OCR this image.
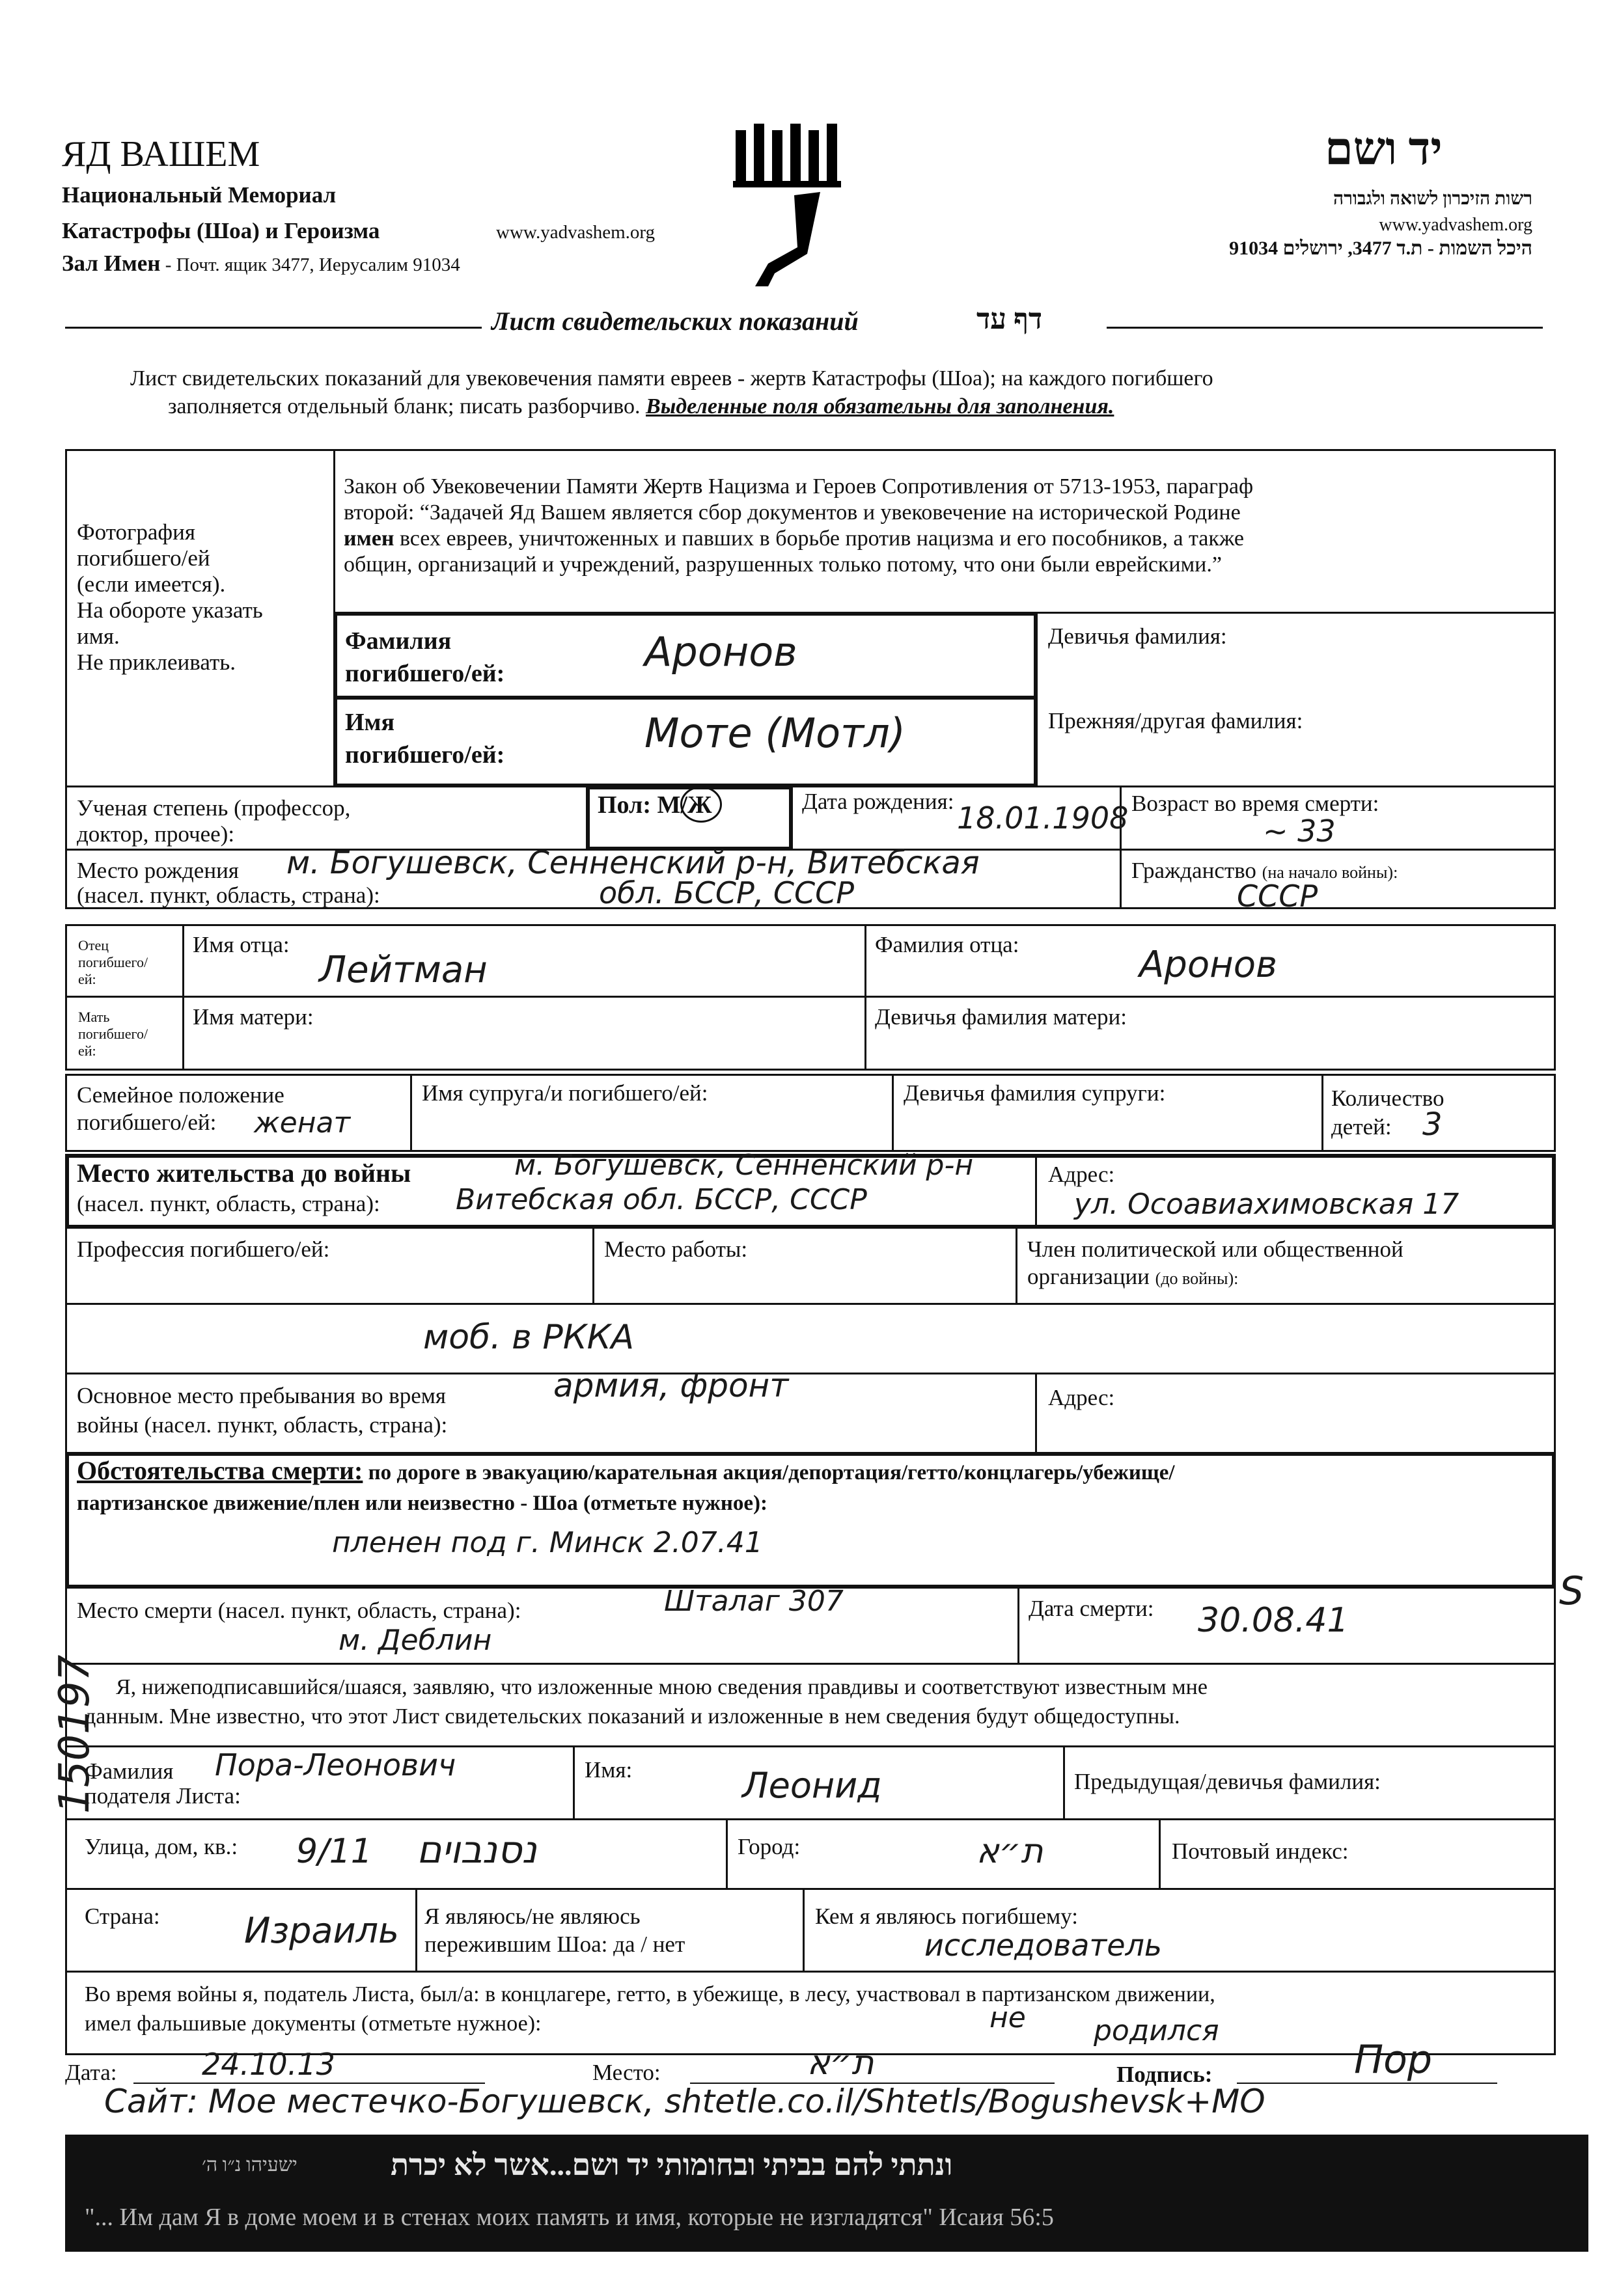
ЯД ВАШЕМ
Национальный Мемориал
Катастрофы (Шоа) и Героизма	www.yadvashem.org
Зал Имен - Почт. ящик 3477, Иерусалим 91034
יד ושם
רשות הזיכרון לשואה ולגבורה
www.yadvashem.org
היכל השמות - ת.ד 3477, ירושלים 91034
Лист свидетельских показаний	דף עד
Лист свидетельских показаний для увековечения памяти евреев - жертв Катастрофы (Шоа); на каждого погибшего
заполняется отдельный бланк; писать разборчиво. Выделенные поля обязательны для заполнения.
Фотография
погибшего/ей
(если имеется).
На обороте указать
имя.
Не приклеивать.
Закон об Увековечении Памяти Жертв Нацизма и Героев Сопротивления от 5713-1953, параграф
второй: “Задачей Яд Вашем является сбор документов и увековечение на исторической Родине
имен всех евреев, уничтоженных и павших в борьбе против нацизма и его пособников, а также
общин, организаций и учреждений, разрушенных только потому, что они были еврейскими.”
Фамилия
погибшего/ей:	Аронов	Девичья фамилия:
Имя
погибшего/ей:	Моте (Мотл)	Прежняя/другая фамилия:
Ученая степень (профессор,
доктор, прочее):
Пол: М/Ж	Дата рождения: 18.01.1908 Возраст во время смерти:
~ 33
Место рождения
(насел. пункт, область, страна):
м. Богушевск, Сенненский р-н, Витебская
обл. БССР, СССР
Гражданство (на начало войны):
СССР
Отец
погибшего/
ей:
Имя отца:
Лейтман
Фамилия отца:	Аронов
Мать
погибшего/
ей:
Имя матери:	Девичья фамилия матери:
Семейное положение
погибшего/ей: женат
Имя супруга/и погибшего/ей:	Девичья фамилия супруги:	Количество
детей: 3
Место жительства до войны
(насел. пункт, область, страна):
м. Богушевск, Сенненский р-н
Витебская обл. БССР, СССР
Адрес:
ул. Осоавиахимовская 17
Профессия погибшего/ей:	Место работы:	Член политической или общественной
организации (до войны):
моб. в РККА
Основное место пребывания во время
войны (насел. пункт, область, страна):
армия, фронт	Адрес:
Обстоятельства смерти: по дороге в эвакуацию/карательная акция/депортация/гетто/концлагерь/убежище/
партизанское движение/плен или неизвестно - Шоа (отметьте нужное):
пленен под г. Минск 2.07.41
Место смерти (насел. пункт, область, страна):	Шталаг 307
м. Деблин
Дата смерти: 30.08.41
Я, нижеподписавшийся/шаяся, заявляю, что изложенные мною сведения правдивы и соответствуют известным мне
данным. Мне известно, что этот Лист свидетельских показаний и изложенные в нем сведения будут общедоступны.
Фамилия
подателя Листа:
Пора-Леонович	Имя:	Леонид	Предыдущая/девичья фамилия:
Улица, дом, кв.: 9/11 נסנבוים	Город:	ת״א	Почтовый индекс:
Страна: Израиль Я являюсь/не являюсь
пережившим Шоа: да / нет
Кем я являюсь погибшему:
исследователь
Во время войны я, податель Листа, был/а: в концлагере, гетто, в убежище, в лесу, участвовал в партизанском движении,
имел фальшивые документы (отметьте нужное):	не родился
Дата:	24.10.13	Место:	ת״א	Подпись:	Пор
Сайт: Мое местечко-Богушевск, shtetle.co.il/Shtetls/Bogushevsk+MO
ונתתי להם בביתי ובחומותי יד ושם...אשר לא יכרת
ישעיהו נ״ו ה׳
"... Им дам Я в доме моем и в стенах моих память и имя, которые не изгладятся" Исаия 56:5
150197
S
